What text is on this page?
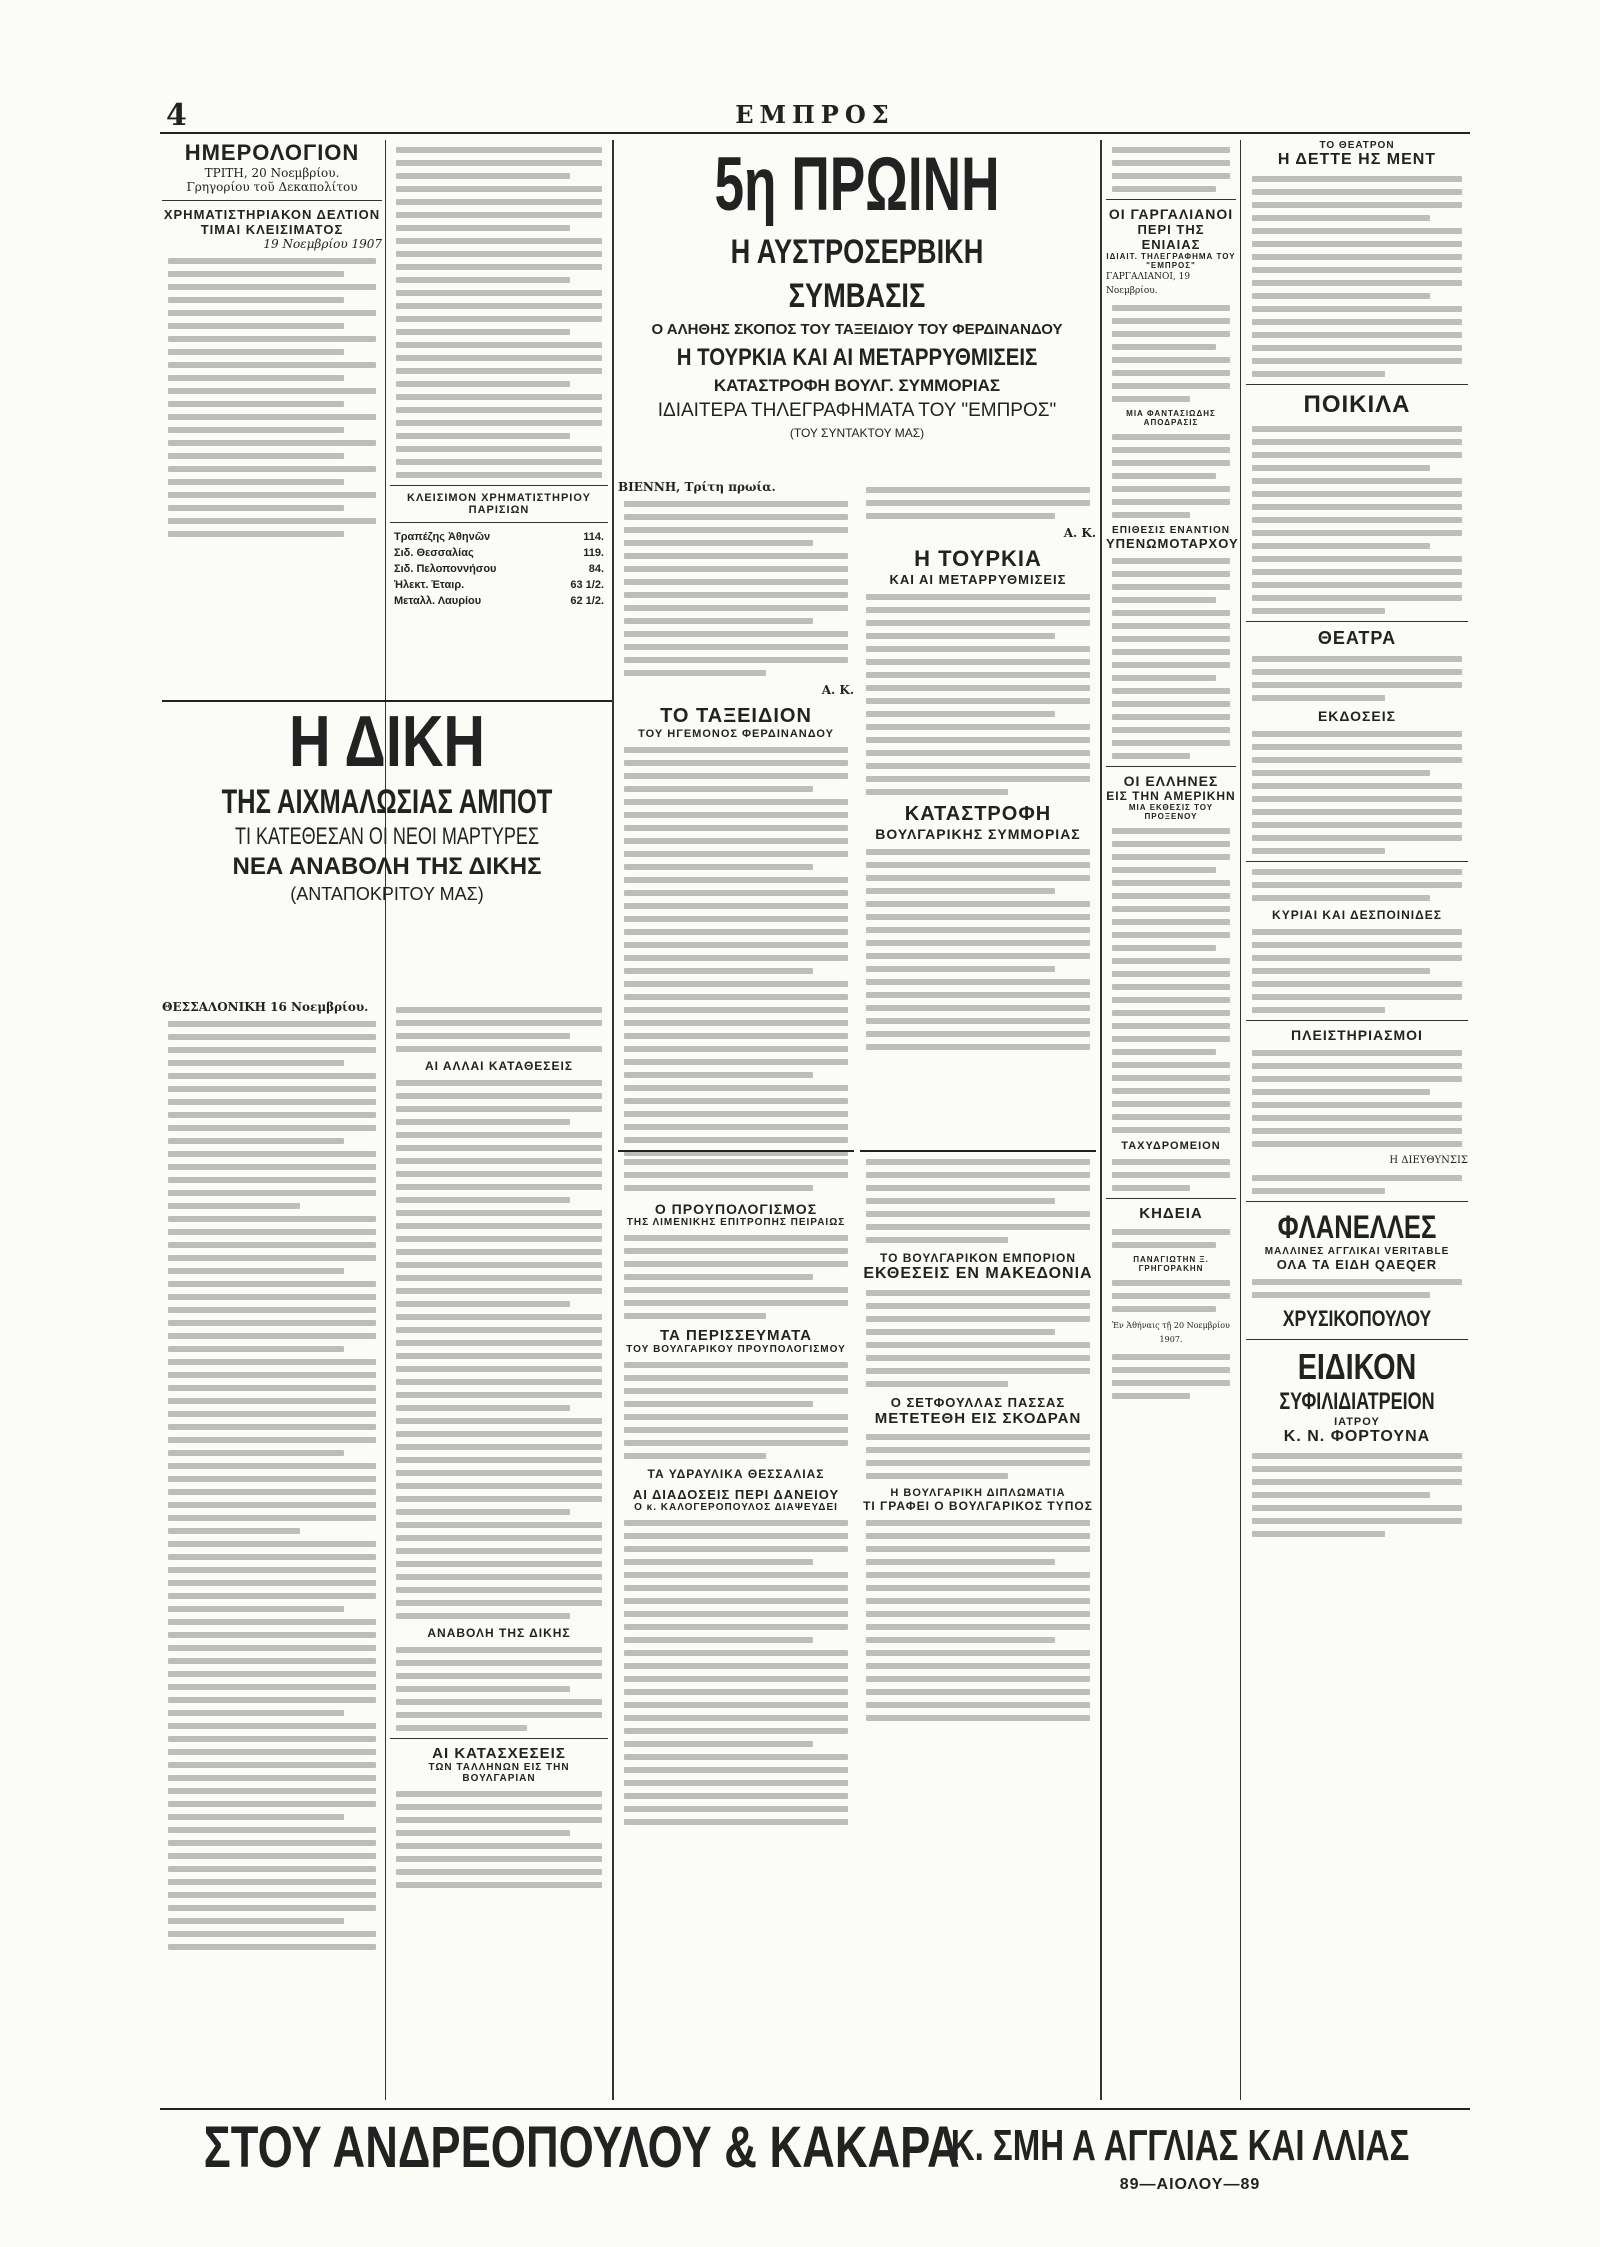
4	ΕΜΠΡΟΣ
ΗΜΕΡΟΛΟΓΙΟΝ
ΤΡΙΤΗ, 20 Νοεμβρίου.
Γρηγορίου τοῦ Δεκαπολίτου
ΧΡΗΜΑΤΙΣΤΗΡΙΑΚΟΝ ΔΕΛΤΙΟΝ
ΤΙΜΑΙ ΚΛΕΙΣΙΜΑΤΟΣ
19 Νοεμβρίου 1907
Η ΔΙΚΗ
ΤΗΣ ΑΙΧΜΑΛΩΣΙΑΣ ΑΜΠΟΤ
ΤΙ ΚΑΤΕΘΕΣΑΝ ΟΙ ΝΕΟΙ ΜΑΡΤΥΡΕΣ
ΝΕΑ ΑΝΑΒΟΛΗ ΤΗΣ ΔΙΚΗΣ
(ΑΝΤΑΠΟΚΡΙΤΟΥ ΜΑΣ)
ΘΕΣΣΑΛΟΝΙΚΗ 16 Νοεμβρίου.
ΚΛΕΙΣΙΜΟΝ ΧΡΗΜΑΤΙΣΤΗΡΙΟΥ ΠΑΡΙΣΙΩΝ
Τραπέζης Ἀθηνῶν	114.
Σιδ. Θεσσαλίας	119.
Σιδ. Πελοποννήσου	84.
Ἠλεκτ. Ἑταιρ.	63 1/2.
Μεταλλ. Λαυρίου	62 1/2.
ΑΙ ΑΛΛΑΙ ΚΑΤΑΘΕΣΕΙΣ
ΑΝΑΒΟΛΗ ΤΗΣ ΔΙΚΗΣ
ΑΙ ΚΑΤΑΣΧΕΣΕΙΣ
ΤΩΝ ΤΑΛΛΗΝΩΝ ΕΙΣ ΤΗΝ ΒΟΥΛΓΑΡΙΑΝ
5η ΠΡΩΙΝΗ
Η ΑΥΣΤΡΟΣΕΡΒΙΚΗ ΣΥΜΒΑΣΙΣ
Ο ΑΛΗΘΗΣ ΣΚΟΠΟΣ ΤΟΥ ΤΑΞΕΙΔΙΟΥ ΤΟΥ ΦΕΡΔΙΝΑΝΔΟΥ
Η ΤΟΥΡΚΙΑ ΚΑΙ ΑΙ ΜΕΤΑΡΡΥΘΜΙΣΕΙΣ
ΚΑΤΑΣΤΡΟΦΗ ΒΟΥΛΓ. ΣΥΜΜΟΡΙΑΣ
ΙΔΙΑΙΤΕΡΑ ΤΗΛΕΓΡΑΦΗΜΑΤΑ ΤΟΥ "ΕΜΠΡΟΣ"
(ΤΟΥ ΣΥΝΤΑΚΤΟΥ ΜΑΣ)
ΒΙΕΝΝΗ, Τρίτη πρωία.
Α. Κ.
ΤΟ ΤΑΞΕΙΔΙΟΝ
ΤΟΥ ΗΓΕΜΟΝΟΣ ΦΕΡΔΙΝΑΝΔΟΥ
Α. Κ.
Η ΤΟΥΡΚΙΑ
ΚΑΙ ΑΙ ΜΕΤΑΡΡΥΘΜΙΣΕΙΣ
ΚΑΤΑΣΤΡΟΦΗ
ΒΟΥΛΓΑΡΙΚΗΣ ΣΥΜΜΟΡΙΑΣ
Ο ΠΡΟΥΠΟΛΟΓΙΣΜΟΣ
ΤΗΣ ΛΙΜΕΝΙΚΗΣ ΕΠΙΤΡΟΠΗΣ ΠΕΙΡΑΙΩΣ
ΤΑ ΠΕΡΙΣΣΕΥΜΑΤΑ
ΤΟΥ ΒΟΥΛΓΑΡΙΚΟΥ ΠΡΟΥΠΟΛΟΓΙΣΜΟΥ
ΤΑ ΥΔΡΑΥΛΙΚΑ ΘΕΣΣΑΛΙΑΣ
ΑΙ ΔΙΑΔΟΣΕΙΣ ΠΕΡΙ ΔΑΝΕΙΟΥ
Ο κ. ΚΑΛΟΓΕΡΟΠΟΥΛΟΣ ΔΙΑΨΕΥΔΕΙ
ΤΟ ΒΟΥΛΓΑΡΙΚΟΝ ΕΜΠΟΡΙΟΝ
ΕΚΘΕΣΕΙΣ ΕΝ ΜΑΚΕΔΟΝΙΑ
Ο ΣΕΤΦΟΥΛΛΑΣ ΠΑΣΣΑΣ
ΜΕΤΕΤΕΘΗ ΕΙΣ ΣΚΟΔΡΑΝ
Η ΒΟΥΛΓΑΡΙΚΗ ΔΙΠΛΩΜΑΤΙΑ
ΤΙ ΓΡΑΦΕΙ Ο ΒΟΥΛΓΑΡΙΚΟΣ ΤΥΠΟΣ
ΟΙ ΓΑΡΓΑΛΙΑΝΟΙ
ΠΕΡΙ ΤΗΣ ΕΝΙΑΙΑΣ
ΙΔΙΑΙΤ. ΤΗΛΕΓΡΑΦΗΜΑ ΤΟΥ "ΕΜΠΡΟΣ"
ΓΑΡΓΑΛΙΑΝΟΙ, 19 Νοεμβρίου.
ΜΙΑ ΦΑΝΤΑΣΙΩΔΗΣ ΑΠΟΔΡΑΣΙΣ
ΕΠΙΘΕΣΙΣ ΕΝΑΝΤΙΟΝ
ΥΠΕΝΩΜΟΤΑΡΧΟΥ
ΟΙ ΕΛΛΗΝΕΣ
ΕΙΣ ΤΗΝ ΑΜΕΡΙΚΗΝ
ΜΙΑ ΕΚΘΕΣΙΣ ΤΟΥ ΠΡΟΞΕΝΟΥ
ΤΑΧΥΔΡΟΜΕΙΟΝ
ΚΗΔΕΙΑ
ΠΑΝΑΓΙΩΤΗΝ Ξ. ΓΡΗΓΟΡΑΚΗΝ
Ἐν Ἀθήναις τῇ 20 Νοεμβρίου 1907.
ΤΟ ΘΕΑΤΡΟΝ
Η ΔΕΤΤΕ ΗΣ ΜΕΝΤ
ΠΟΙΚΙΛΑ
ΘΕΑΤΡΑ
ΕΚΔΟΣΕΙΣ
ΚΥΡΙΑΙ ΚΑΙ ΔΕΣΠΟΙΝΙΔΕΣ
ΠΛΕΙΣΤΗΡΙΑΣΜΟΙ
Η ΔΙΕΥΘΥΝΣΙΣ
ΦΛΑΝΕΛΛΕΣ
ΜΑΛΛΙΝΕΣ ΑΓΓΛΙΚΑΙ VERITABLE
ΟΛΑ ΤΑ ΕΙΔΗ QAEQER
ΧΡΥΣΙΚΟΠΟΥΛΟΥ
ΕΙΔΙΚΟΝ
ΣΥΦΙΛΙΔΙΑΤΡΕΙΟΝ
ΙΑΤΡΟΥ
Κ. Ν. ΦΟΡΤΟΥΝΑ
ΣΤΟΥ ΑΝΔΡΕΟΠΟΥΛΟΥ & ΚΑΚΑΡΑ
Κ. ΣΜΗ Α ΑΓΓΛΙΑΣ ΚΑΙ ΛΛΙΑΣ
89—ΑΙΟΛΟΥ—89
